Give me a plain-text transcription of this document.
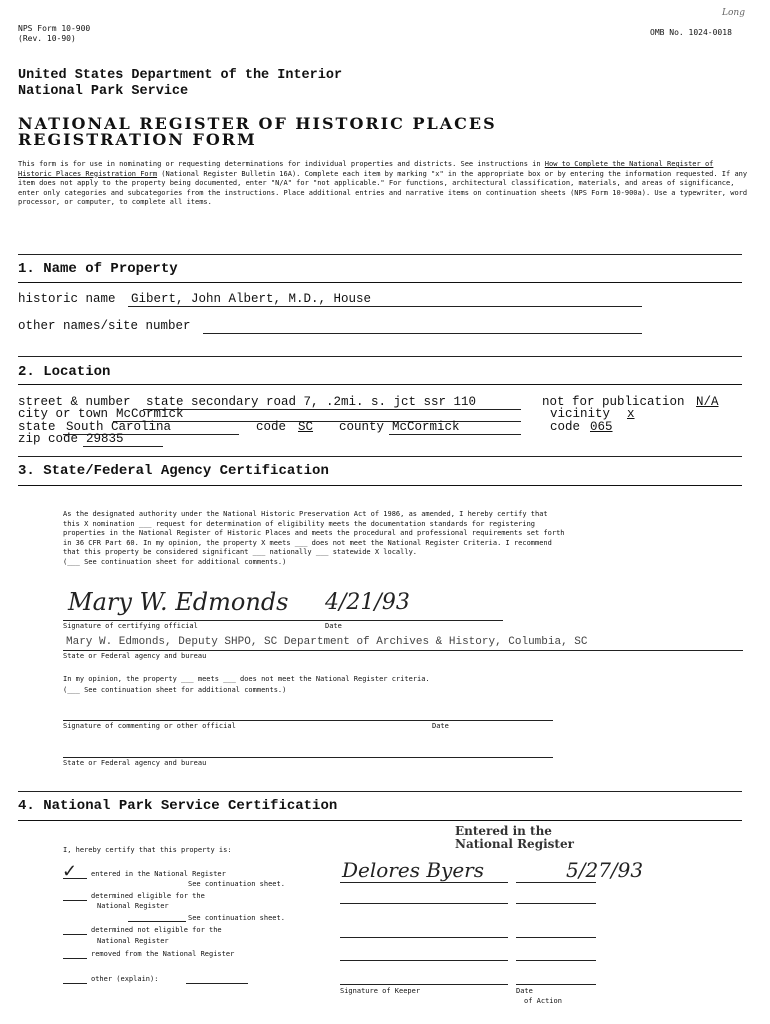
NPS Form 10-900
(Rev. 10-90)
OMB No. 1024-0018
Long
United States Department of the Interior
National Park Service
NATIONAL REGISTER OF HISTORIC PLACES
REGISTRATION FORM
This form is for use in nominating or requesting determinations for individual properties and districts. See instructions in How to Complete the National Register of Historic Places Registration Form (National Register Bulletin 16A). Complete each item by marking "x" in the appropriate box or by entering the information requested. If any item does not apply to the property being documented, enter "N/A" for "not applicable." For functions, architectural classification, materials, and areas of significance, enter only categories and subcategories from the instructions. Place additional entries and narrative items on continuation sheets (NPS Form 10-900a). Use a typewriter, word processor, or computer, to complete all items.
1. Name of Property
historic name Gibert, John Albert, M.D., House
other names/site number
2. Location
street & number state secondary road 7, .2mi. s. jct ssr 110	not for publication N/A
city or town McCormick	vicinity x
state South Carolina	code SC county McCormick	code 065
zip code 29835
3. State/Federal Agency Certification
As the designated authority under the National Historic Preservation Act of 1986, as amended, I hereby certify that
this X nomination ___ request for determination of eligibility meets the documentation standards for registering
properties in the National Register of Historic Places and meets the procedural and professional requirements set forth
in 36 CFR Part 60. In my opinion, the property X meets ___ does not meet the National Register Criteria. I recommend
that this property be considered significant ___ nationally ___ statewide X locally.
(___ See continuation sheet for additional comments.)
Mary W. Edmonds 4/21/93
Signature of certifying official	Date
Mary W. Edmonds, Deputy SHPO, SC Department of Archives & History, Columbia, SC
State or Federal agency and bureau
In my opinion, the property ___ meets ___ does not meet the National Register criteria.
(___ See continuation sheet for additional comments.)
Signature of commenting or other official	Date
State or Federal agency and bureau
4. National Park Service Certification
Entered in the
National Register
I, hereby certify that this property is:
✓ entered in the National Register
See continuation sheet.
determined eligible for the
National Register
See continuation sheet.
determined not eligible for the
National Register
removed from the National Register
other (explain):
Delores Byers	5/27/93
Signature of Keeper	Date
of Action
